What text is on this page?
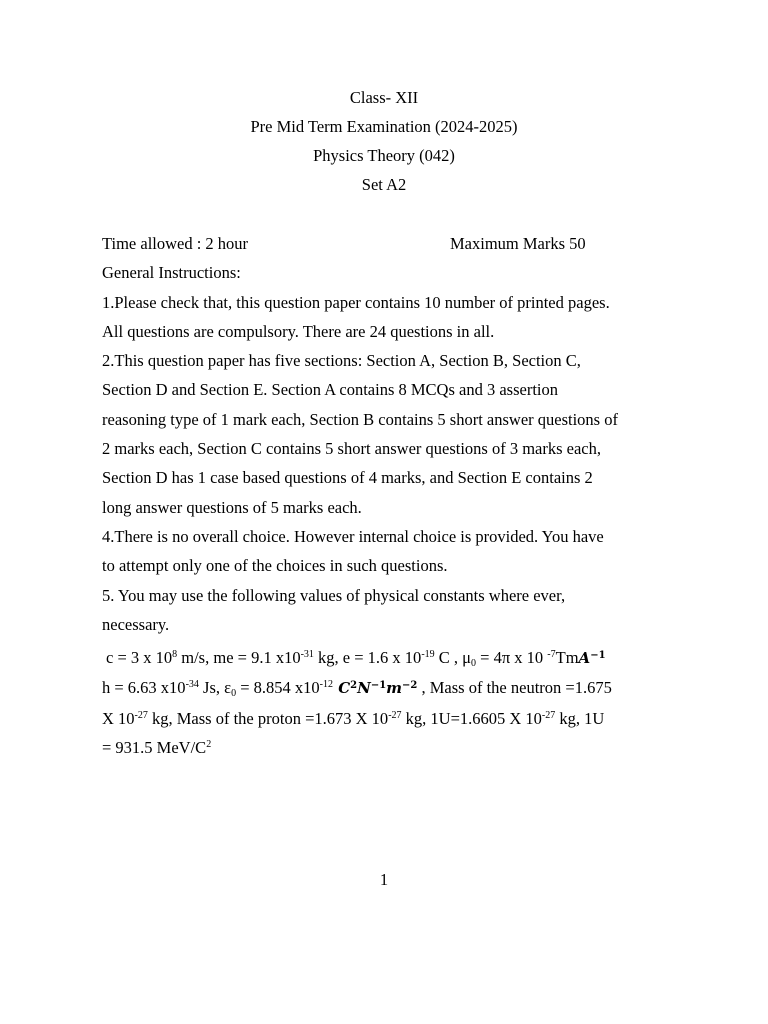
Class- XII
Pre Mid Term Examination (2024-2025)
Physics Theory (042)
Set A2
Time allowed : 2 hour	Maximum Marks 50
General Instructions:
1.Please check that, this question paper contains 10 number of printed pages.
All questions are compulsory. There are 24 questions in all.
2.This question paper has five sections: Section A, Section B, Section C,
Section D and Section E. Section A contains 8 MCQs and 3 assertion
reasoning type of 1 mark each, Section B contains 5 short answer questions of
2 marks each, Section C contains 5 short answer questions of 3 marks each,
Section D has 1 case based questions of 4 marks, and Section E contains 2
long answer questions of 5 marks each.
4.There is no overall choice. However internal choice is provided. You have
to attempt only one of the choices in such questions.
5. You may use the following values of physical constants where ever,
necessary.
c = 3 x $10^8$ m/s, me = 9.1 $x10^{-31}$ kg, e = 1.6 x $10^{-19}$ C , $\mu_0 = 4\pi$ x 10 $^{-7}$TmA$^{-1}$
h = 6.63 $x10^{-34}$ Js, $\varepsilon_0 = 8.854$ $x10^{-12}$ $C^2N^{-1}m^{-2}$ , Mass of the neutron =1.675
X $10^{-27}$ kg, Mass of the proton =1.673 X $10^{-27}$ kg, 1U=1.6605 X $10^{-27}$ kg, 1U
= 931.5 MeV/$C^2$
1
